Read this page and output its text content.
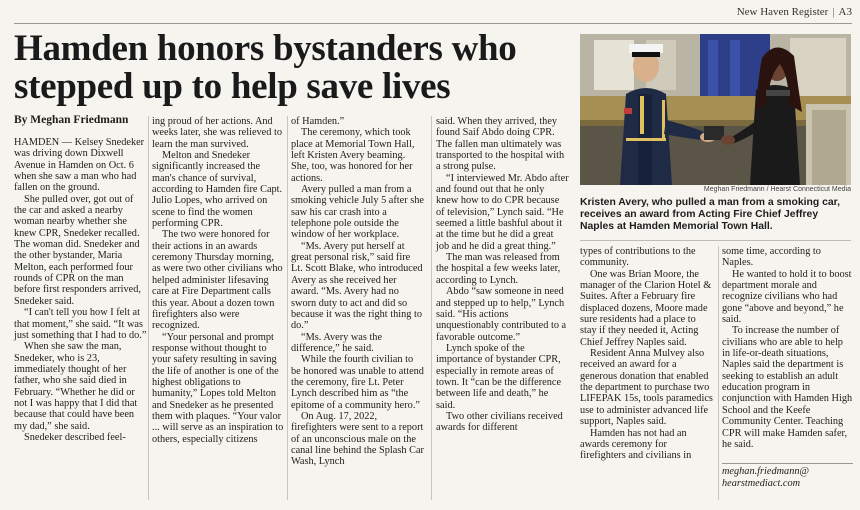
New Haven Register | A3
Hamden honors bystanders who stepped up to help save lives
By Meghan Friedmann

HAMDEN — Kelsey Snedeker was driving down Dixwell Avenue in Hamden on Oct. 6 when she saw a man who had fallen on the ground.

She pulled over, got out of the car and asked a nearby woman nearby whether she knew CPR, Snedeker recalled. The woman did. Snedeker and the other bystander, Maria Melton, each performed four rounds of CPR on the man before first responders arrived, Snedeker said.

“I can't tell you how I felt at that moment,” she said. “It was just something that I had to do.”

When she saw the man, Snedeker, who is 23, immediately thought of her father, who she said died in February. “Whether he did or not I was happy that I did that because that could have been my dad,” she said.

Snedeker described feel-

ing proud of her actions. And weeks later, she was relieved to learn the man survived.

Melton and Snedeker significantly increased the man's chance of survival, according to Hamden fire Capt. Julio Lopes, who arrived on scene to find the women performing CPR.

The two were honored for their actions in an awards ceremony Thursday morning, as were two other civilians who helped administer lifesaving care at Fire Department calls this year. About a dozen town firefighters also were recognized.

“Your personal and prompt response without thought to your safety resulting in saving the life of another is one of the highest obligations to humanity,” Lopes told Melton and Snedeker as he presented them with plaques. “Your valor ... will serve as an inspiration to others, especially citizens

of Hamden.”

The ceremony, which took place at Memorial Town Hall, left Kristen Avery beaming. She, too, was honored for her actions.

Avery pulled a man from a smoking vehicle July 5 after she saw his car crash into a telephone pole outside the window of her workplace.

“Ms. Avery put herself at great personal risk,” said fire Lt. Scott Blake, who introduced Avery as she received her award. “Ms. Avery had no sworn duty to act and did so because it was the right thing to do.”

“Ms. Avery was the difference,” he said.

While the fourth civilian to be honored was unable to attend the ceremony, fire Lt. Peter Lynch described him as “the epitome of a community hero.”

On Aug. 17, 2022, firefighters were sent to a report of an unconscious male on the canal line behind the Splash Car Wash, Lynch

said. When they arrived, they found Saif Abdo doing CPR. The fallen man ultimately was transported to the hospital with a strong pulse.

“I interviewed Mr. Abdo after and found out that he only knew how to do CPR because of television,” Lynch said. “He seemed a little bashful about it at the time but he did a great job and he did a great thing.”

The man was released from the hospital a few weeks later, according to Lynch.

Abdo “saw someone in need and stepped up to help,” Lynch said. “His actions unquestionably contributed to a favorable outcome.”

Lynch spoke of the importance of bystander CPR, especially in remote areas of town. It “can be the difference between life and death,” he said.

Two other civilians received awards for different

Meghan Friedmann / Hearst Connecticut Media
Kristen Avery, who pulled a man from a smoking car, receives an award from Acting Fire Chief Jeffrey Naples at Hamden Memorial Town Hall.

types of contributions to the community.

One was Brian Moore, the manager of the Clarion Hotel & Suites. After a February fire displaced dozens, Moore made sure residents had a place to stay if they needed it, Acting Chief Jeffrey Naples said.

Resident Anna Mulvey also received an award for a generous donation that enabled the department to purchase two LIFEPAK 15s, tools paramedics use to administer advanced life support, Naples said.

Hamden has not had an awards ceremony for firefighters and civilians in

some time, according to Naples.

He wanted to hold it to boost department morale and recognize civilians who had gone “above and beyond,” he said.

To increase the number of civilians who are able to help in life-or-death situations, Naples said the department is seeking to establish an adult education program in conjunction with Hamden High School and the Keefe Community Center. Teaching CPR will make Hamden safer, he said.

meghan.friedmann@
hearstmediact.com
